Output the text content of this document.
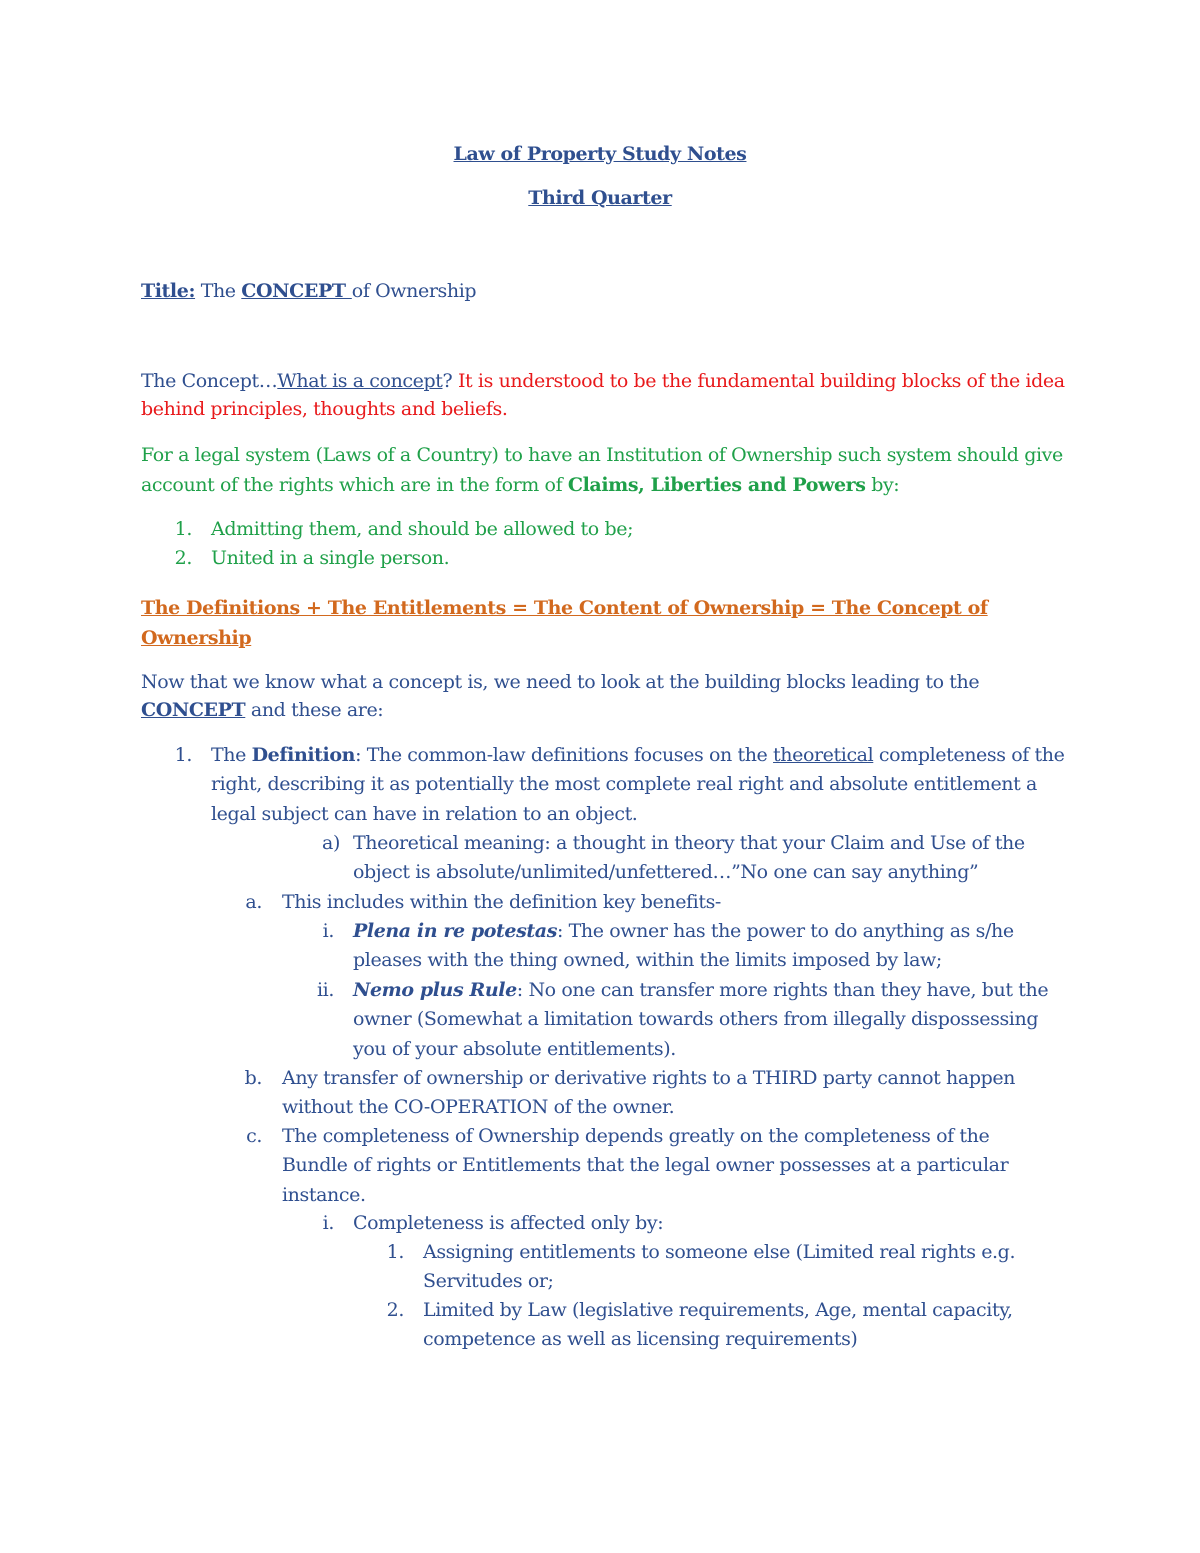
Law of Property Study Notes
Third Quarter
Title: The CONCEPT of Ownership
The Concept…What is a concept? It is understood to be the fundamental building blocks of the idea behind principles, thoughts and beliefs.
For a legal system (Laws of a Country) to have an Institution of Ownership such system should give account of the rights which are in the form of Claims, Liberties and Powers by:
1. Admitting them, and should be allowed to be;
2. United in a single person.
The Definitions + The Entitlements = The Content of Ownership = The Concept of Ownership
Now that we know what a concept is, we need to look at the building blocks leading to the CONCEPT and these are:
1. The Definition: The common-law definitions focuses on the theoretical completeness of the right, describing it as potentially the most complete real right and absolute entitlement a legal subject can have in relation to an object.
a) Theoretical meaning: a thought in theory that your Claim and Use of the object is absolute/unlimited/unfettered…”No one can say anything”
a. This includes within the definition key benefits-
i. Plena in re potestas: The owner has the power to do anything as s/he pleases with the thing owned, within the limits imposed by law;
ii. Nemo plus Rule: No one can transfer more rights than they have, but the owner (Somewhat a limitation towards others from illegally dispossessing you of your absolute entitlements).
b. Any transfer of ownership or derivative rights to a THIRD party cannot happen without the CO-OPERATION of the owner.
c. The completeness of Ownership depends greatly on the completeness of the Bundle of rights or Entitlements that the legal owner possesses at a particular instance.
i. Completeness is affected only by:
1. Assigning entitlements to someone else (Limited real rights e.g. Servitudes or;
2. Limited by Law (legislative requirements, Age, mental capacity, competence as well as licensing requirements)
